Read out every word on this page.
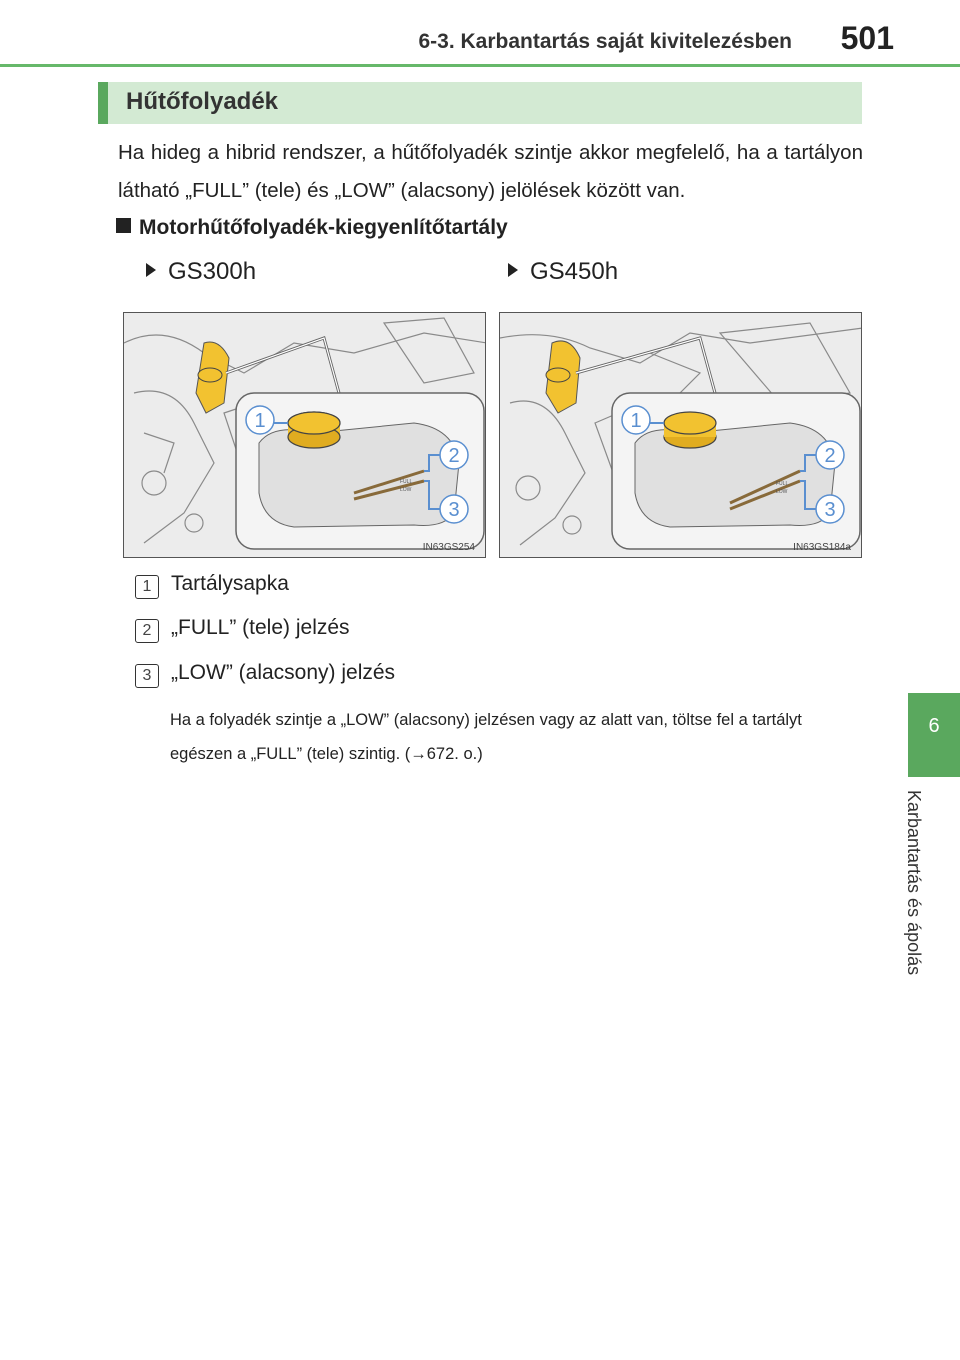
6-3. Karbantartás saját kivitelezésben 501
Hűtőfolyadék
Ha hideg a hibrid rendszer, a hűtőfolyadék szintje akkor megfelelő, ha a tartályon látható „FULL” (tele) és „LOW” (alacsony) jelölések között van.
Motorhűtőfolyadék-kiegyenlítőtartály
GS300h	GS450h
1
2
3
FULL
LOW
IN63GS254
1
2
3
FULL
LOW
IN63GS184a
1 Tartálysapka
2 „FULL” (tele) jelzés
3 „LOW” (alacsony) jelzés
Ha a folyadék szintje a „LOW” (alacsony) jelzésen vagy az alatt van, töltse fel a tartályt egészen a „FULL” (tele) szintig. (→672. o.)
6
Karbantartás és ápolás
